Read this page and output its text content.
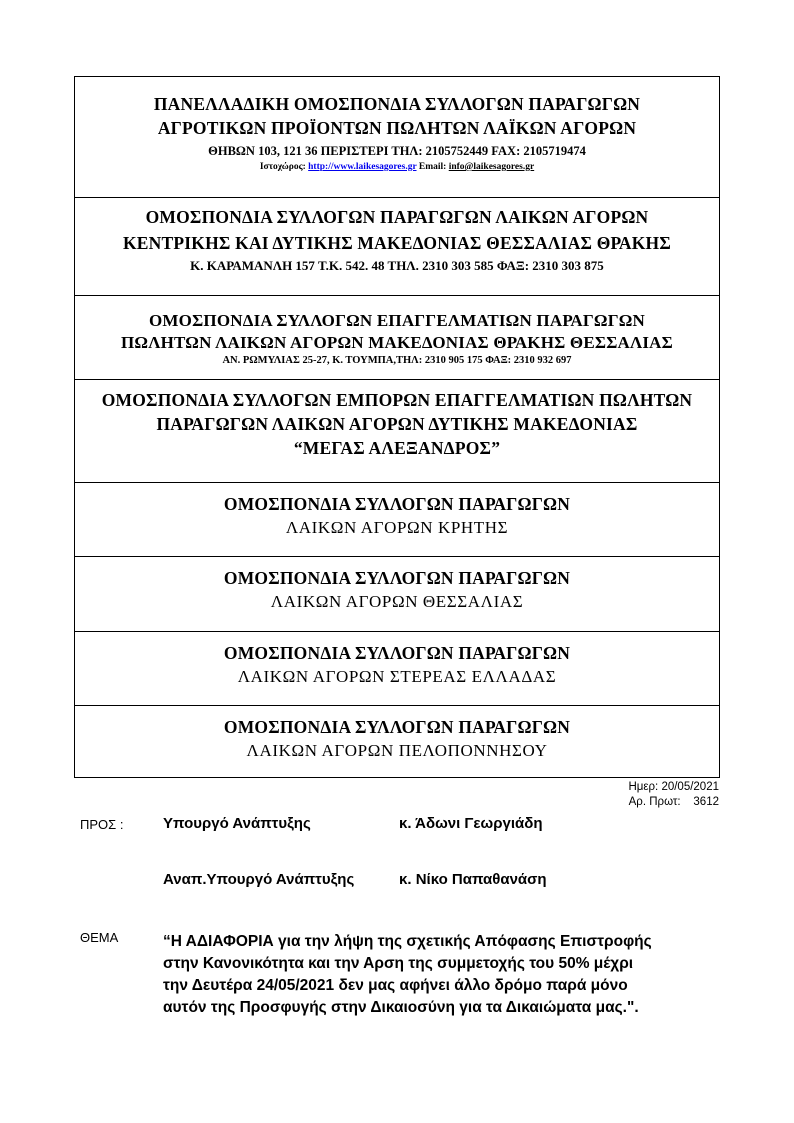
ΠΑΝΕΛΛΑΔΙΚΗ ΟΜΟΣΠΟΝΔΙΑ ΣΥΛΛΟΓΩΝ ΠΑΡΑΓΩΓΩΝ
ΑΓΡΟΤΙΚΩΝ ΠΡΟΪΟΝΤΩΝ ΠΩΛΗΤΩΝ ΛΑΪΚΩΝ ΑΓΟΡΩΝ
ΘΗΒΩΝ 103, 121 36 ΠΕΡΙΣΤΕΡΙ ΤΗΛ: 2105752449 FAX: 2105719474
Ιστοχώρος: http://www.laikesagores.gr Email: info@laikesagores.gr
ΟΜΟΣΠΟΝΔΙΑ ΣΥΛΛΟΓΩΝ ΠΑΡΑΓΩΓΩΝ ΛΑΙΚΩΝ ΑΓΟΡΩΝ
ΚΕΝΤΡΙΚΗΣ ΚΑΙ ΔΥΤΙΚΗΣ ΜΑΚΕΔΟΝΙΑΣ ΘΕΣΣΑΛΙΑΣ ΘΡΑΚΗΣ
Κ. ΚΑΡΑΜΑΝΛΗ 157 Τ.Κ. 542. 48 ΤΗΛ. 2310 303 585 ΦΑΞ: 2310 303 875
ΟΜΟΣΠΟΝΔΙΑ ΣΥΛΛΟΓΩΝ ΕΠΑΓΓΕΛΜΑΤΙΩΝ ΠΑΡΑΓΩΓΩΝ
ΠΩΛΗΤΩΝ ΛΑΙΚΩΝ ΑΓΟΡΩΝ ΜΑΚΕΔΟΝΙΑΣ ΘΡΑΚΗΣ ΘΕΣΣΑΛΙΑΣ
ΑΝ. ΡΩΜΥΛΙΑΣ 25-27, Κ. ΤΟΥΜΠΑ,ΤΗΛ: 2310 905 175 ΦΑΞ: 2310 932 697
ΟΜΟΣΠΟΝΔΙΑ ΣΥΛΛΟΓΩΝ ΕΜΠΟΡΩΝ ΕΠΑΓΓΕΛΜΑΤΙΩΝ ΠΩΛΗΤΩΝ
ΠΑΡΑΓΩΓΩΝ ΛΑΙΚΩΝ ΑΓΟΡΩΝ ΔΥΤΙΚΗΣ ΜΑΚΕΔΟΝΙΑΣ
“ΜΕΓΑΣ ΑΛΕΞΑΝΔΡΟΣ”
ΟΜΟΣΠΟΝΔΙΑ ΣΥΛΛΟΓΩΝ ΠΑΡΑΓΩΓΩΝ
ΛΑΙΚΩΝ ΑΓΟΡΩΝ ΚΡΗΤΗΣ
ΟΜΟΣΠΟΝΔΙΑ ΣΥΛΛΟΓΩΝ ΠΑΡΑΓΩΓΩΝ
ΛΑΙΚΩΝ ΑΓΟΡΩΝ ΘΕΣΣΑΛΙΑΣ
ΟΜΟΣΠΟΝΔΙΑ ΣΥΛΛΟΓΩΝ ΠΑΡΑΓΩΓΩΝ
ΛΑΙΚΩΝ ΑΓΟΡΩΝ ΣΤΕΡΕΑΣ ΕΛΛΑΔΑΣ
ΟΜΟΣΠΟΝΔΙΑ ΣΥΛΛΟΓΩΝ ΠΑΡΑΓΩΓΩΝ
ΛΑΙΚΩΝ ΑΓΟΡΩΝ ΠΕΛΟΠΟΝΝΗΣΟΥ
Ημερ: 20/05/2021
Αρ. Πρωτ:    3612
ΠΡΟΣ :	Υπουργό Ανάπτυξης	κ. Άδωνι Γεωργιάδη
Αναπ.Υπουργό Ανάπτυξης	κ. Νίκο Παπαθανάση
ΘΕΜΑ	“Η ΑΔΙΑΦΟΡΙΑ για την λήψη της σχετικής Απόφασης Επιστροφής
στην Κανονικότητα και την Αρση της συμμετοχής του 50% μέχρι
την Δευτέρα 24/05/2021 δεν μας αφήνει άλλο δρόμο παρά μόνο
αυτόν της Προσφυγής στην Δικαιοσύνη για τα Δικαιώματα μας.".
